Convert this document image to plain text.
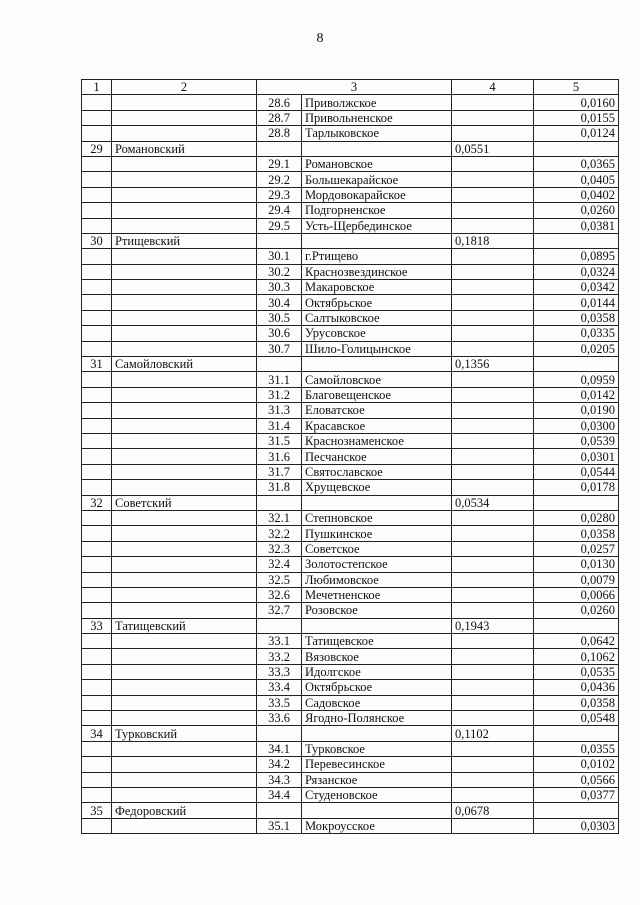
8
1	2	3		4	5
		28.6	Приволжское		0,0160
		28.7	Привольненское		0,0155
		28.8	Тарлыковское		0,0124
29	Романовский			0,0551	
		29.1	Романовское		0,0365
		29.2	Большекарайское		0,0405
		29.3	Мордовокарайское		0,0402
		29.4	Подгорненское		0,0260
		29.5	Усть-Щербединское		0,0381
30	Ртищевский			0,1818	
		30.1	г.Ртищево		0,0895
		30.2	Краснозвездинское		0,0324
		30.3	Макаровское		0,0342
		30.4	Октябрьское		0,0144
		30.5	Салтыковское		0,0358
		30.6	Урусовское		0,0335
		30.7	Шило-Голицынское		0,0205
31	Самойловский			0,1356	
		31.1	Самойловское		0,0959
		31.2	Благовещенское		0,0142
		31.3	Еловатское		0,0190
		31.4	Красавское		0,0300
		31.5	Краснознаменское		0,0539
		31.6	Песчанское		0,0301
		31.7	Святославское		0,0544
		31.8	Хрущевское		0,0178
32	Советский			0,0534	
		32.1	Степновское		0,0280
		32.2	Пушкинское		0,0358
		32.3	Советское		0,0257
		32.4	Золотостепское		0,0130
		32.5	Любимовское		0,0079
		32.6	Мечетненское		0,0066
		32.7	Розовское		0,0260
33	Татищевский			0,1943	
		33.1	Татищевское		0,0642
		33.2	Вязовское		0,1062
		33.3	Идолгское		0,0535
		33.4	Октябрьское		0,0436
		33.5	Садовское		0,0358
		33.6	Ягодно-Полянское		0,0548
34	Турковский			0,1102	
		34.1	Турковское		0,0355
		34.2	Перевесинское		0,0102
		34.3	Рязанское		0,0566
		34.4	Студеновское		0,0377
35	Федоровский			0,0678	
		35.1	Мокроусское		0,0303
